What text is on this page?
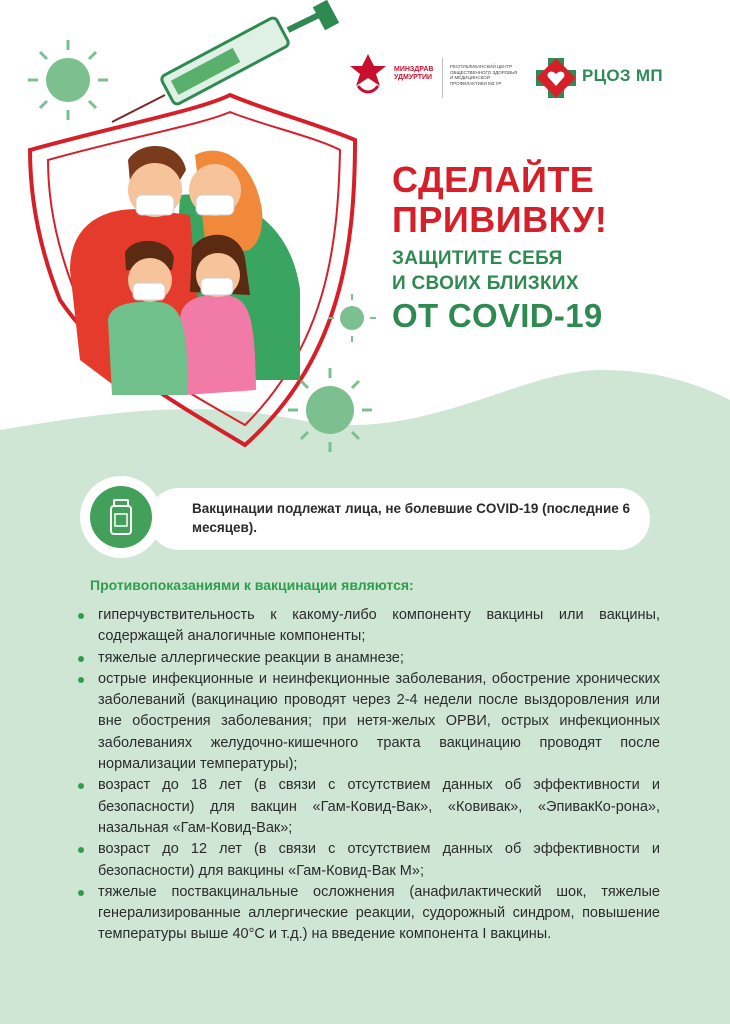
МИНЗДРАВ
УДМУРТИИ
РЕСПУБЛИКАНСКИЙ ЦЕНТР
ОБЩЕСТВЕННОГО ЗДОРОВЬЯ
И МЕДИЦИНСКОЙ
ПРОФИЛАКТИКИ МЗ УР	РЦОЗ МП
СДЕЛАЙТЕ
ПРИВИВКУ!
ЗАЩИТИТЕ СЕБЯ
И СВОИХ БЛИЗКИХ
ОТ COVID-19
Вакцинации подлежат лица, не болевшие COVID-19 (последние 6 месяцев).
Противопоказаниями к вакцинации являются:
гиперчувствительность к какому-либо компоненту вакцины или вакцины, содержащей аналогичные компоненты;
тяжелые аллергические реакции в анамнезе;
острые инфекционные и неинфекционные заболевания, обострение хронических заболеваний (вакцинацию проводят через 2-4 недели после выздоровления или вне обострения заболевания; при нетя-желых ОРВИ, острых инфекционных заболеваниях желудочно-кишечного тракта вакцинацию проводят после нормализации температуры);
возраст до 18 лет (в связи с отсутствием данных об эффективности и безопасности) для вакцин «Гам-Ковид-Вак», «Ковивак», «ЭпивакКо-рона», назальная «Гам-Ковид-Вак»;
возраст до 12 лет (в связи с отсутствием данных об эффективности и безопасности) для вакцины «Гам-Ковид-Вак М»;
тяжелые поствакцинальные осложнения (анафилактический шок, тяжелые генерализированные аллергические реакции, судорожный синдром, повышение температуры выше 40°С и т.д.) на введение компонента I вакцины.
